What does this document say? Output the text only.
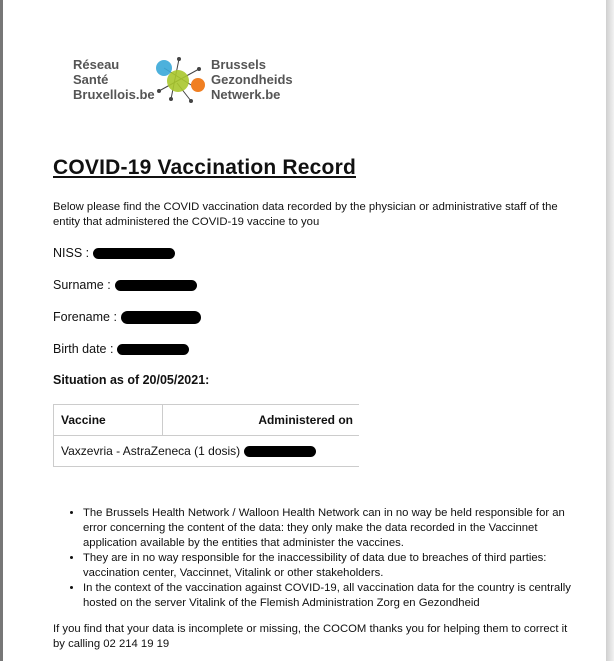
Réseau
Santé
Bruxellois.be
Brussels
Gezondheids
Netwerk.be
COVID-19 Vaccination Record
Below please find the COVID vaccination data recorded by the physician or administrative staff of the entity that administered the COVID-19 vaccine to you
NISS :
Surname :
Forename :
Birth date :
Situation as of 20/05/2021:
Vaccine	Administered on
Vaxzevria - AstraZeneca (1 dosis)
• The Brussels Health Network / Walloon Health Network can in no way be held responsible for an error concerning the content of the data: they only make the data recorded in the Vaccinnet application available by the entities that administer the vaccines.
• They are in no way responsible for the inaccessibility of data due to breaches of third parties: vaccination center, Vaccinnet, Vitalink or other stakeholders.
• In the context of the vaccination against COVID-19, all vaccination data for the country is centrally hosted on the server Vitalink of the Flemish Administration Zorg en Gezondheid
If you find that your data is incomplete or missing, the COCOM thanks you for helping them to correct it by calling 02 214 19 19
